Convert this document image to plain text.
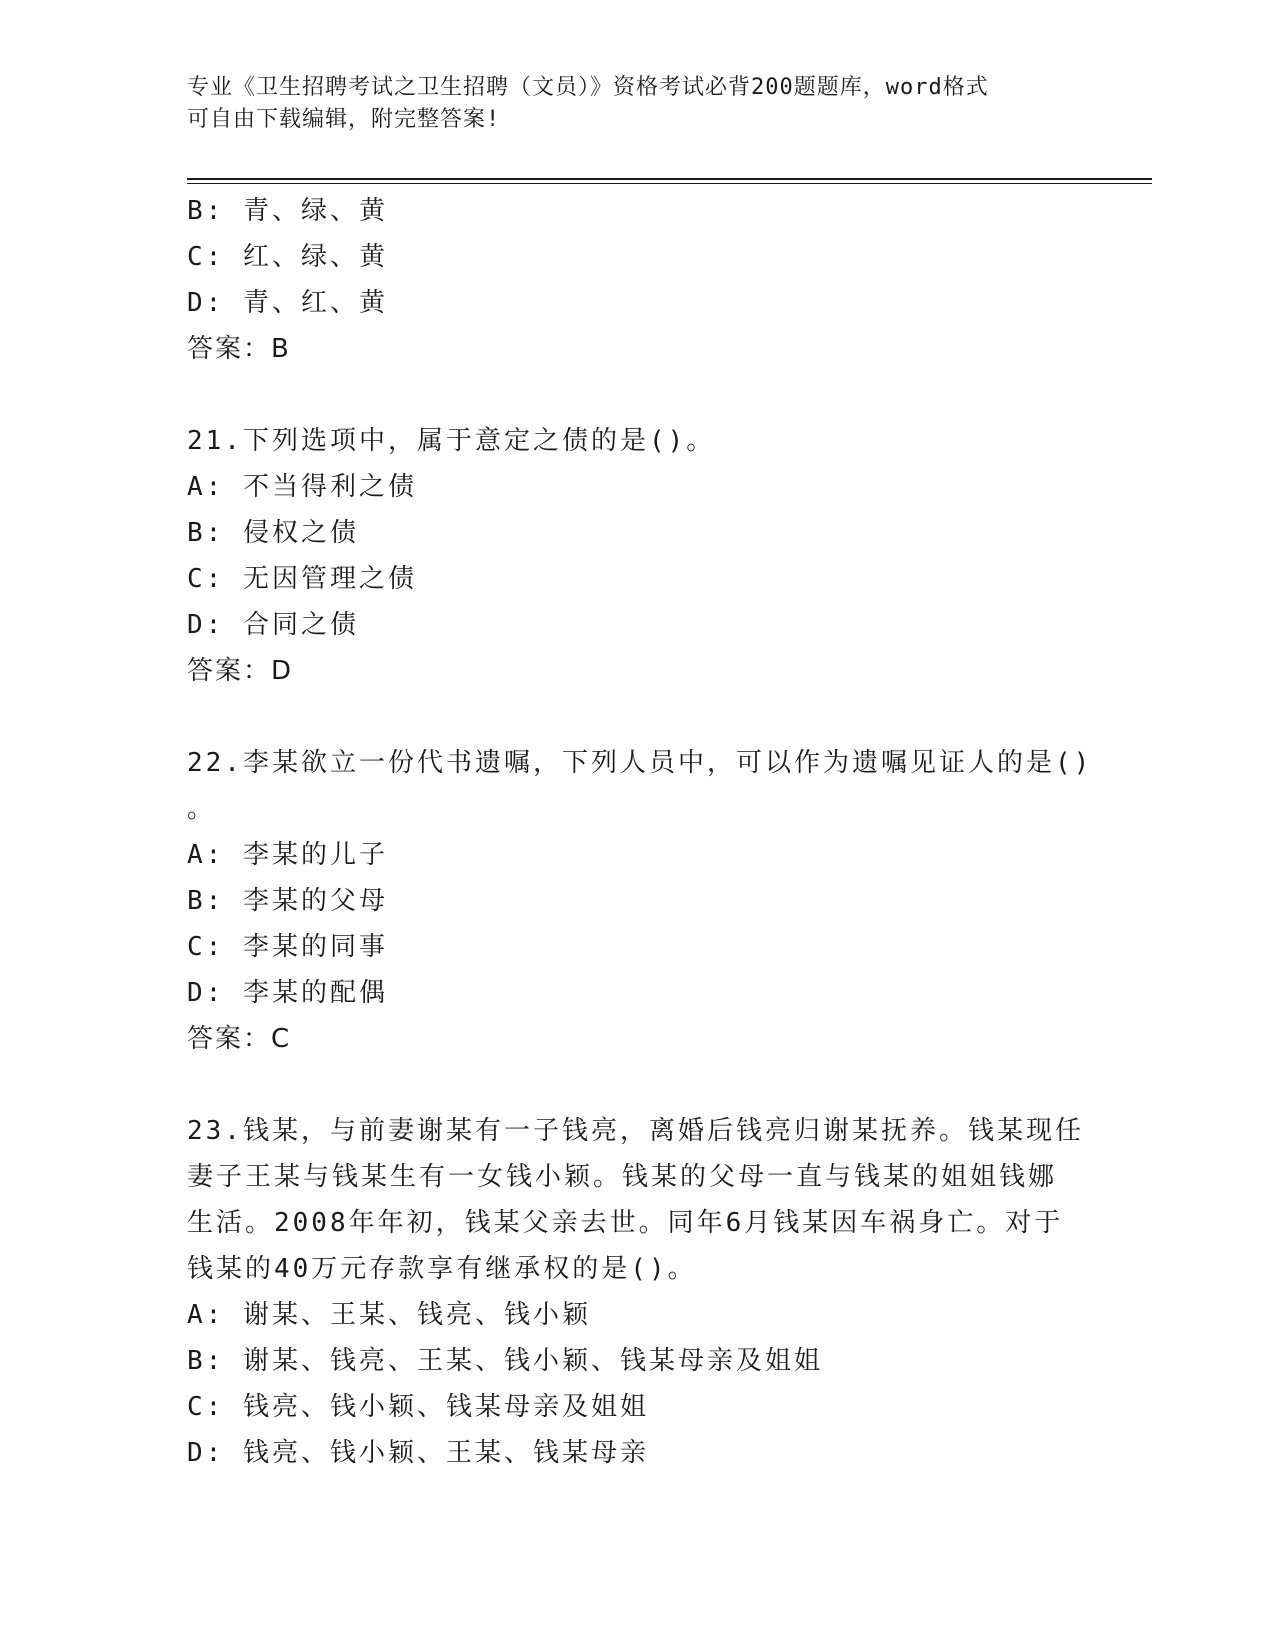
专业《卫生招聘考试之卫生招聘（文员）》资格考试必背200题题库，word格式
可自由下载编辑，附完整答案!
B: 青、绿、黄
C: 红、绿、黄
D: 青、红、黄
答案：B
21.下列选项中，属于意定之债的是()。
A: 不当得利之债
B: 侵权之债
C: 无因管理之债
D: 合同之债
答案：D
22.李某欲立一份代书遗嘱，下列人员中，可以作为遗嘱见证人的是()
。
A: 李某的儿子
B: 李某的父母
C: 李某的同事
D: 李某的配偶
答案：C
23.钱某，与前妻谢某有一子钱亮，离婚后钱亮归谢某抚养。钱某现任
妻子王某与钱某生有一女钱小颖。钱某的父母一直与钱某的姐姐钱娜
生活。2008年年初，钱某父亲去世。同年6月钱某因车祸身亡。对于
钱某的40万元存款享有继承权的是()。
A: 谢某、王某、钱亮、钱小颖
B: 谢某、钱亮、王某、钱小颖、钱某母亲及姐姐
C: 钱亮、钱小颖、钱某母亲及姐姐
D: 钱亮、钱小颖、王某、钱某母亲
